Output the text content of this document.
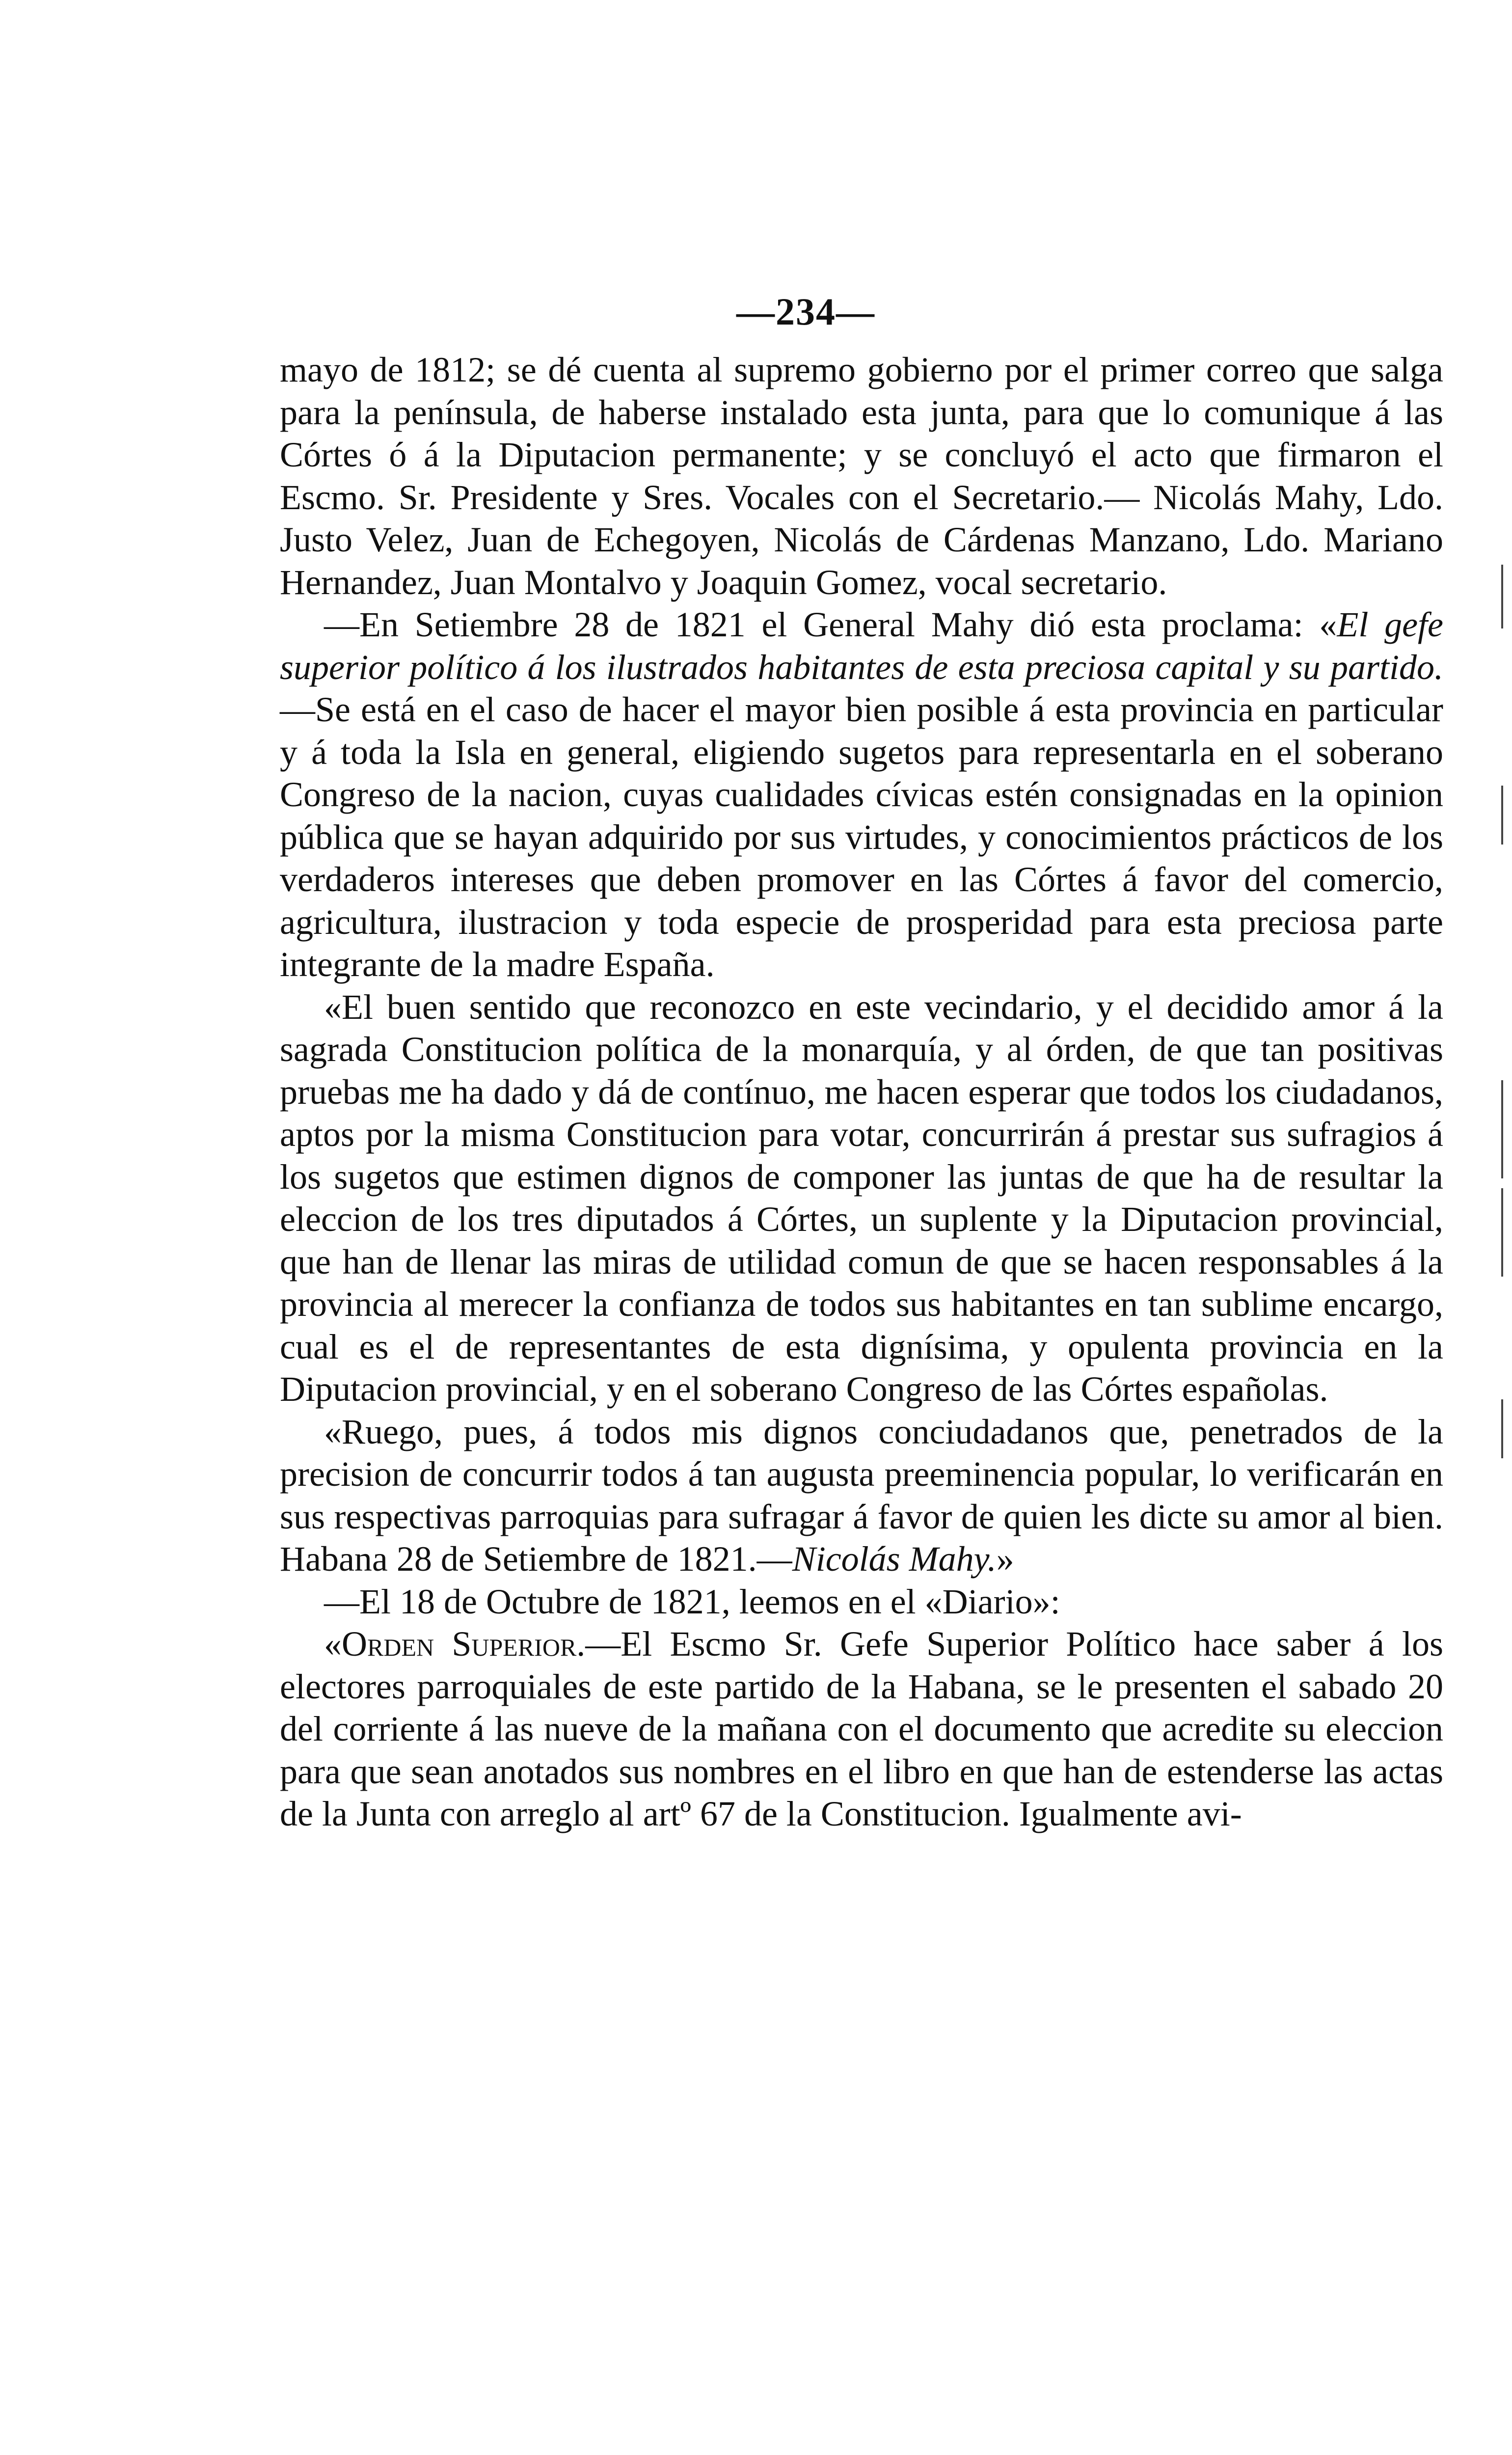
—234—

mayo de 1812; se dé cuenta al supremo gobierno por el primer correo que salga para la península, de haberse instalado esta junta, para que lo comunique á las Córtes ó á la Diputacion permanente; y se concluyó el acto que firmaron el Escmo. Sr. Presidente y Sres. Vocales con el Secretario.— Nicolás Mahy, Ldo. Justo Velez, Juan de Echegoyen, Nicolás de Cárdenas Manzano, Ldo. Mariano Hernandez, Juan Montalvo y Joaquin Gomez, vocal secretario.

—En Setiembre 28 de 1821 el General Mahy dió esta proclama: «El gefe superior político á los ilustrados habitantes de esta preciosa capital y su partido.—Se está en el caso de hacer el mayor bien posible á esta provincia en particular y á toda la Isla en general, eligiendo sugetos para representarla en el soberano Congreso de la nacion, cuyas cualidades cívicas estén consignadas en la opinion pública que se hayan adquirido por sus virtudes, y conocimientos prácticos de los verdaderos intereses que deben promover en las Córtes á favor del comercio, agricultura, ilustracion y toda especie de prosperidad para esta preciosa parte integrante de la madre España.

«El buen sentido que reconozco en este vecindario, y el decidido amor á la sagrada Constitucion política de la monarquía, y al órden, de que tan positivas pruebas me ha dado y dá de contínuo, me hacen esperar que todos los ciudadanos, aptos por la misma Constitucion para votar, concurrirán á prestar sus sufragios á los sugetos que estimen dignos de componer las juntas de que ha de resultar la eleccion de los tres diputados á Córtes, un suplente y la Diputacion provincial, que han de llenar las miras de utilidad comun de que se hacen responsables á la provincia al merecer la confianza de todos sus habitantes en tan sublime encargo, cual es el de representantes de esta dignísima, y opulenta provincia en la Diputacion provincial, y en el soberano Congreso de las Córtes españolas.

«Ruego, pues, á todos mis dignos conciudadanos que, penetrados de la precision de concurrir todos á tan augusta preeminencia popular, lo verificarán en sus respectivas parroquias para sufragar á favor de quien les dicte su amor al bien. Habana 28 de Setiembre de 1821.—Nicolás Mahy.»

—El 18 de Octubre de 1821, leemos en el «Diario»:

«Orden Superior.—El Escmo Sr. Gefe Superior Político hace saber á los electores parroquiales de este partido de la Habana, se le presenten el sabado 20 del corriente á las nueve de la mañana con el documento que acredite su eleccion para que sean anotados sus nombres en el libro en que han de estenderse las actas de la Junta con arreglo al artº 67 de la Constitucion. Igualmente avi-
